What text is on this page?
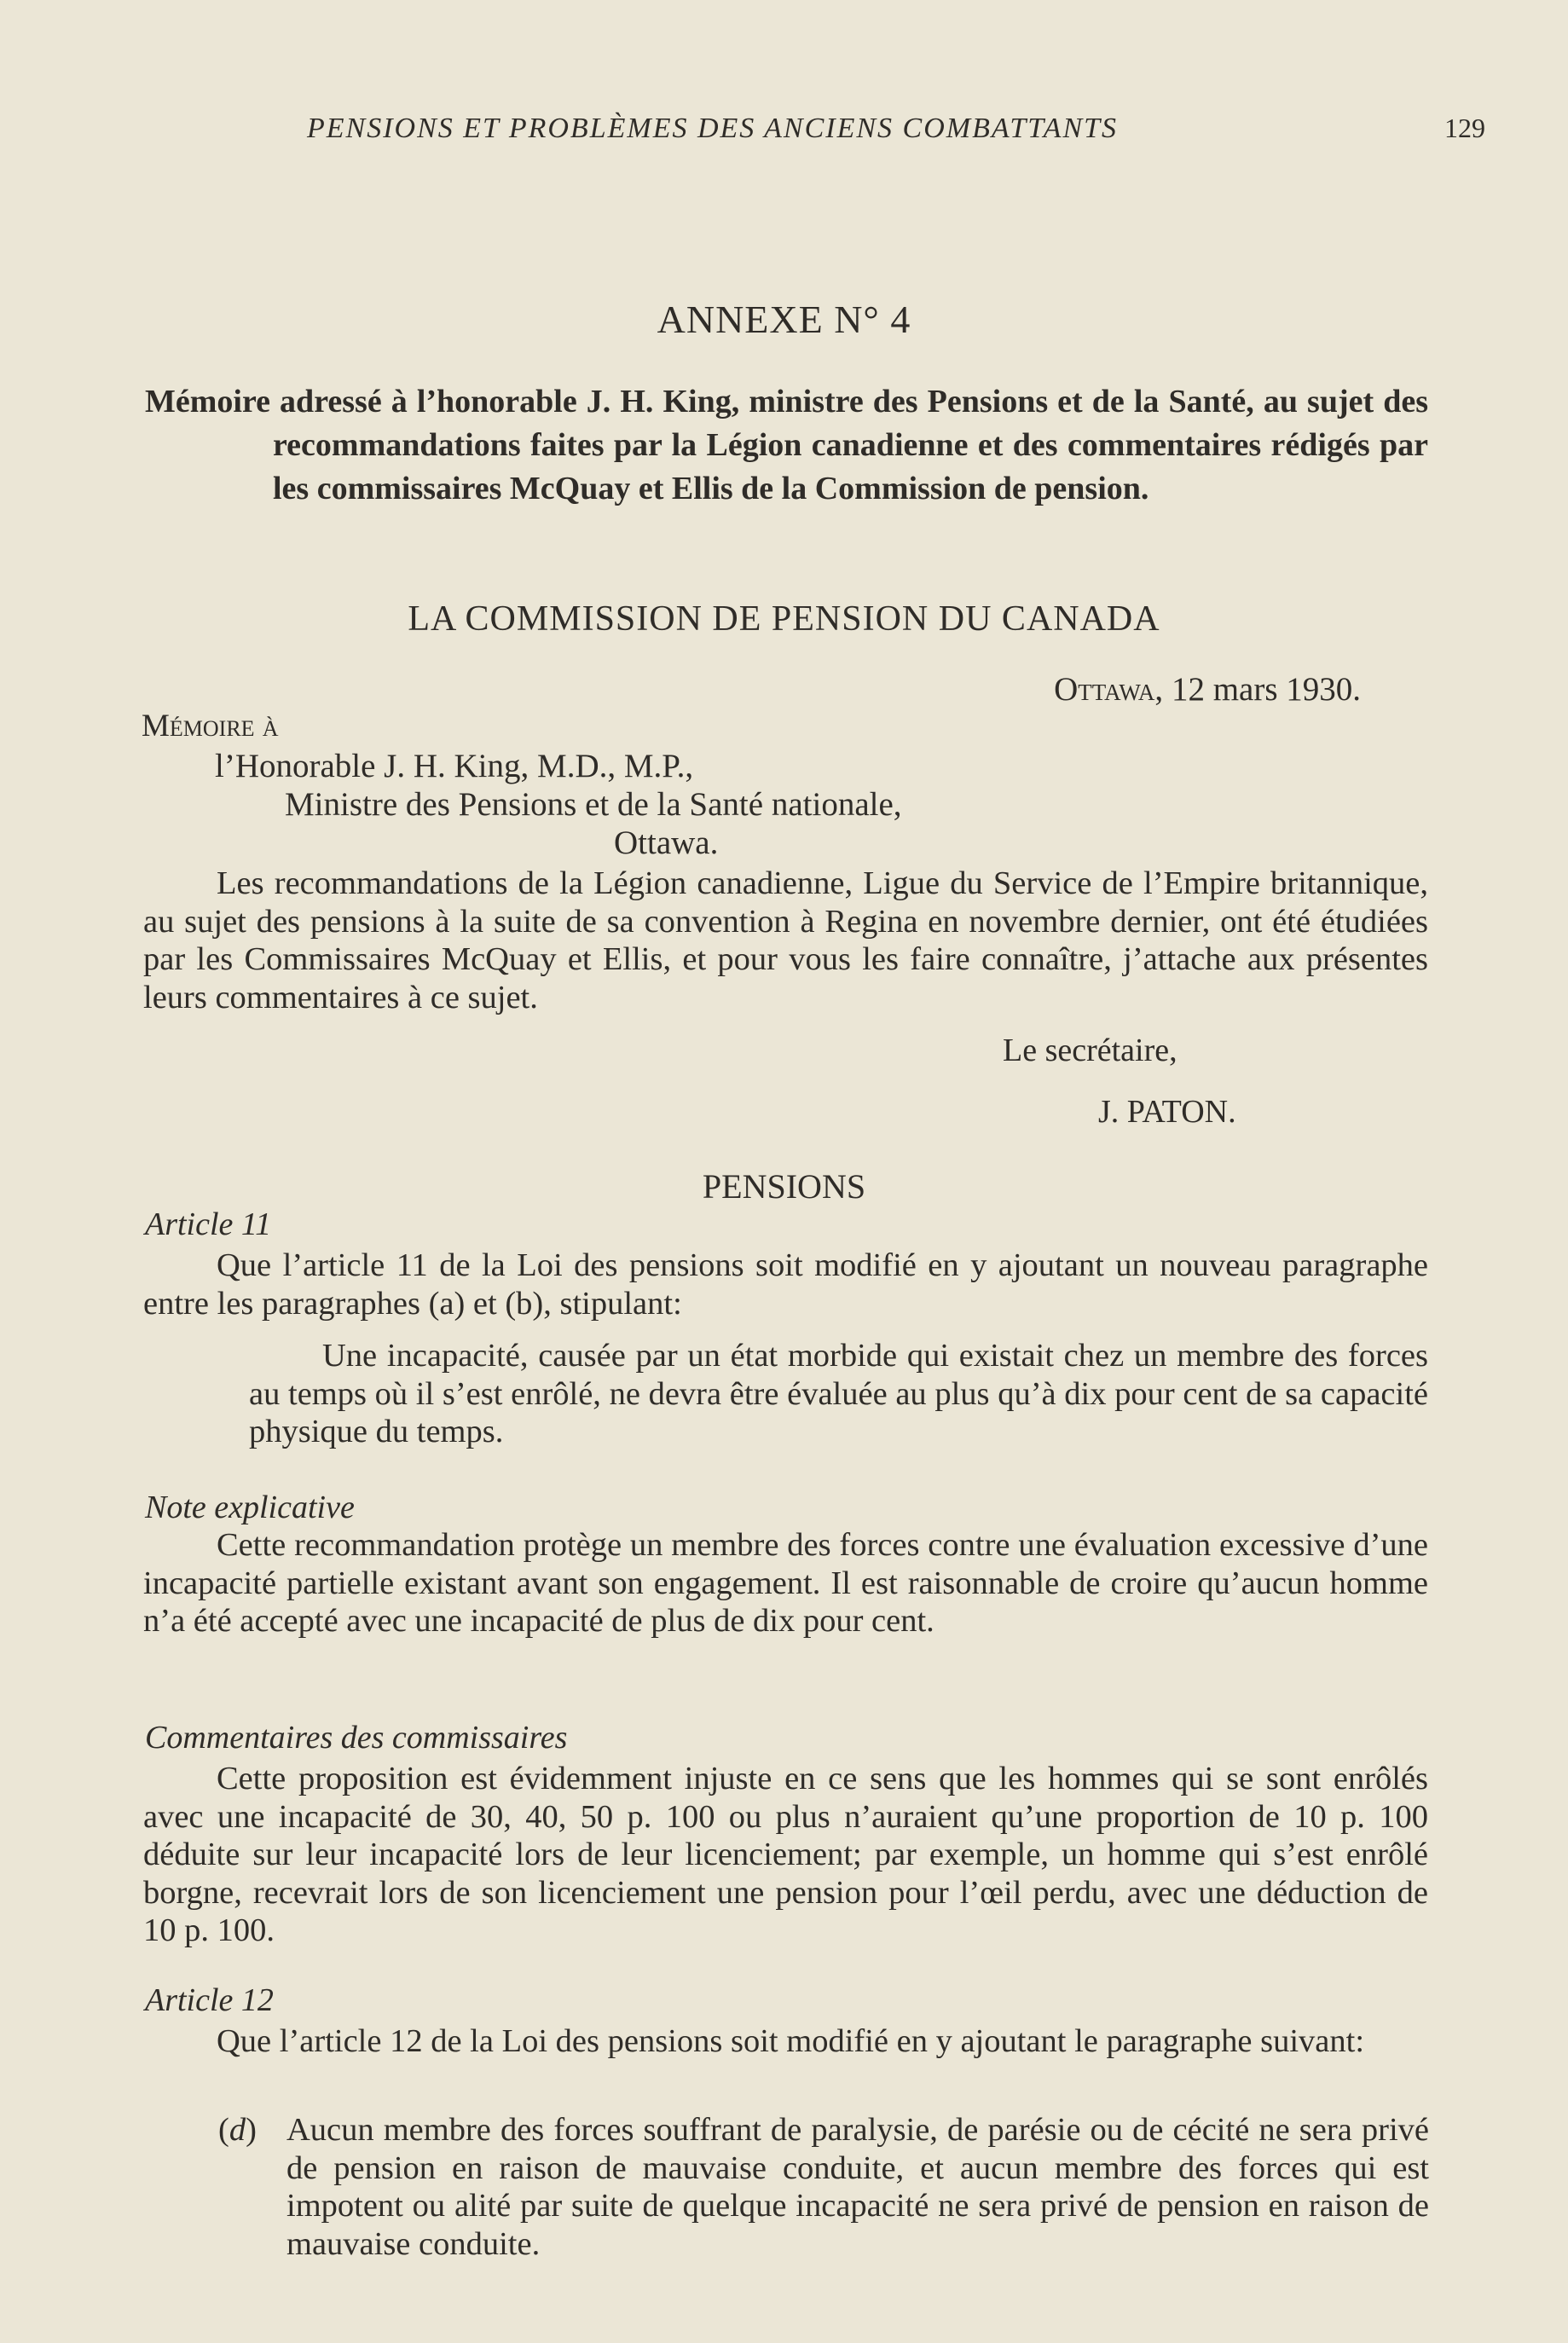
PENSIONS ET PROBLÈMES DES ANCIENS COMBATTANTS	129
ANNEXE N° 4

Mémoire adressé à l’honorable J. H. King, ministre des Pensions et de la Santé, au sujet des recommandations faites par la Légion canadienne et des commentaires rédigés par les commissaires McQuay et Ellis de la Commission de pension.

LA COMMISSION DE PENSION DU CANADA
Ottawa, 12 mars 1930.
Mémoire à
l’Honorable J. H. King, M.D., M.P.,
Ministre des Pensions et de la Santé nationale,
Ottawa.

Les recommandations de la Légion canadienne, Ligue du Service de l’Empire britannique, au sujet des pensions à la suite de sa convention à Regina en novembre dernier, ont été étudiées par les Commissaires McQuay et Ellis, et pour vous les faire connaître, j’attache aux présentes leurs commentaires à ce sujet.

Le secrétaire,
J. PATON.
PENSIONS
Article 11

Que l’article 11 de la Loi des pensions soit modifié en y ajoutant un nouveau paragraphe entre les paragraphes (a) et (b), stipulant:

Une incapacité, causée par un état morbide qui existait chez un membre des forces au temps où il s’est enrôlé, ne devra être évaluée au plus qu’à dix pour cent de sa capacité physique du temps.

Note explicative

Cette recommandation protège un membre des forces contre une évaluation excessive d’une incapacité partielle existant avant son engagement. Il est raisonnable de croire qu’aucun homme n’a été accepté avec une incapacité de plus de dix pour cent.

Commentaires des commissaires

Cette proposition est évidemment injuste en ce sens que les hommes qui se sont enrôlés avec une incapacité de 30, 40, 50 p. 100 ou plus n’auraient qu’une proportion de 10 p. 100 déduite sur leur incapacité lors de leur licenciement; par exemple, un homme qui s’est enrôlé borgne, recevrait lors de son licenciement une pension pour l’œil perdu, avec une déduction de 10 p. 100.

Article 12

Que l’article 12 de la Loi des pensions soit modifié en y ajoutant le paragraphe suivant:

(d) Aucun membre des forces souffrant de paralysie, de parésie ou de cécité ne sera privé de pension en raison de mauvaise conduite, et aucun membre des forces qui est impotent ou alité par suite de quelque incapacité ne sera privé de pension en raison de mauvaise conduite.
